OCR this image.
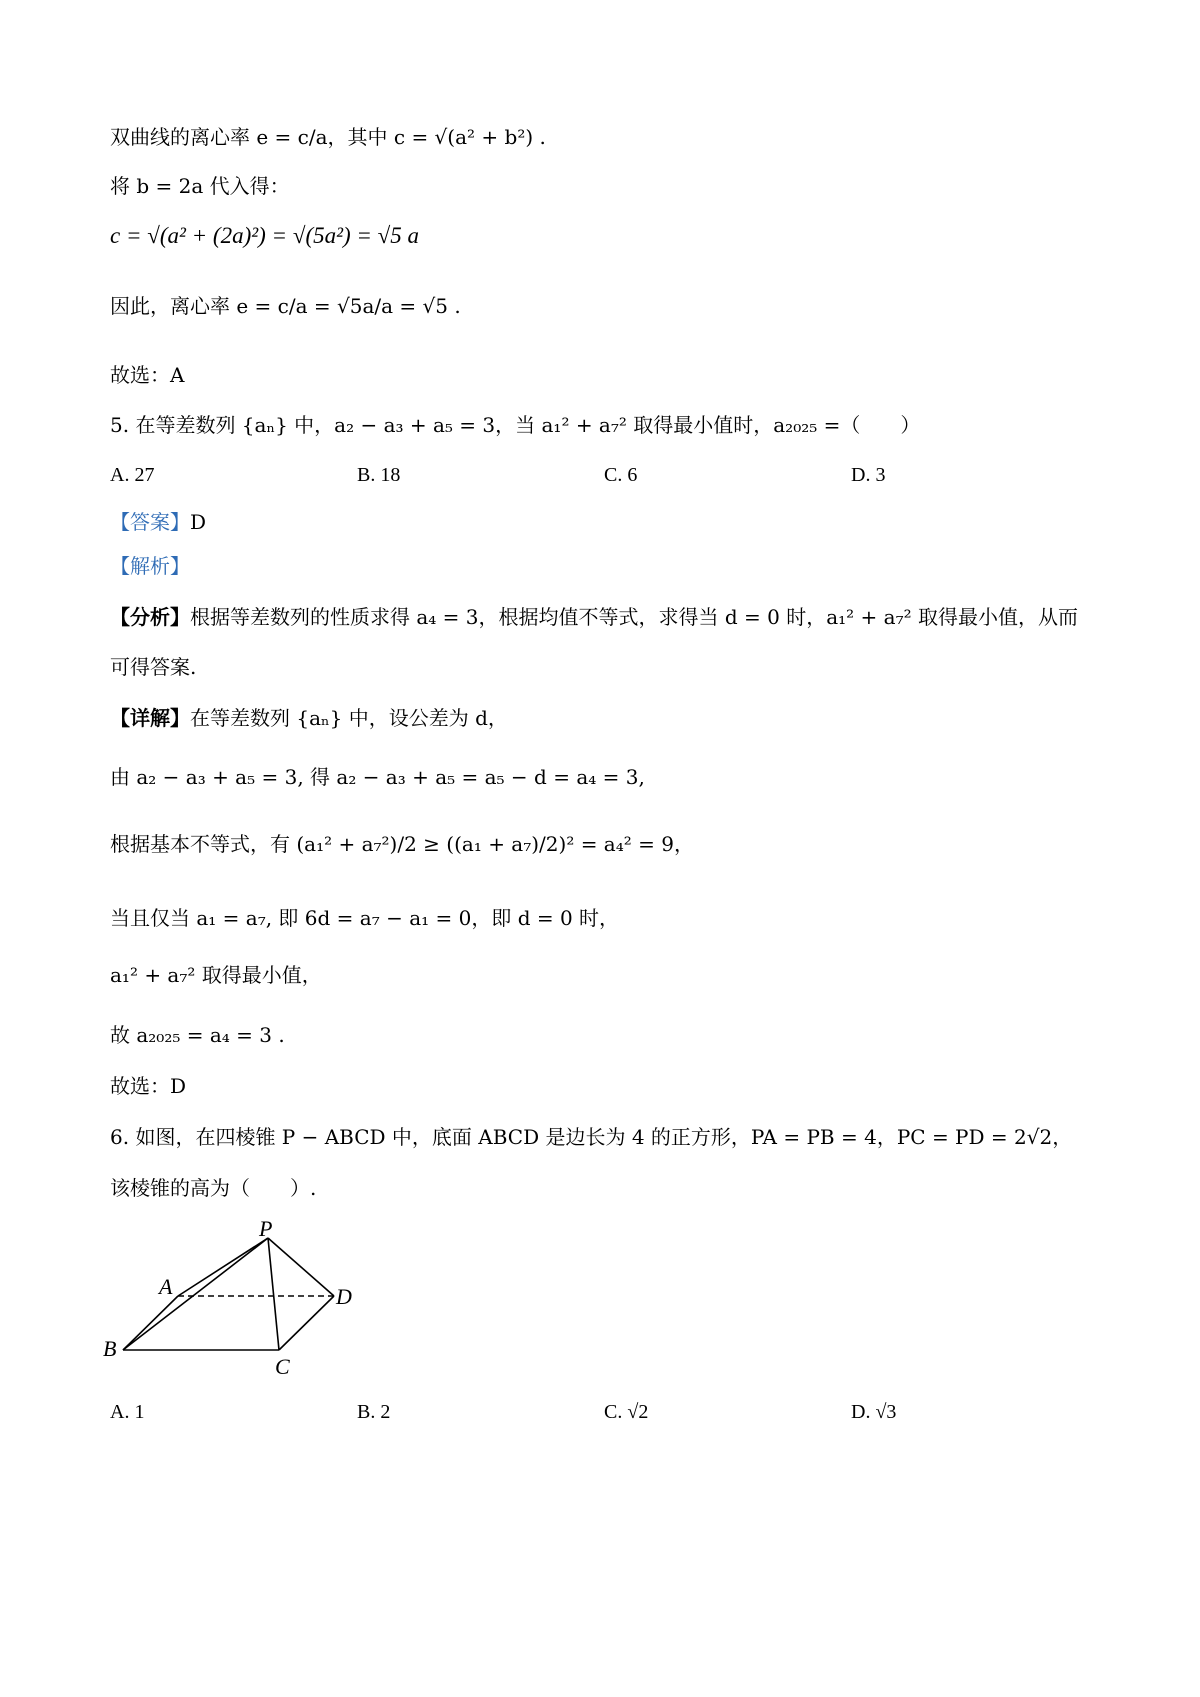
双曲线的离心率 e = c/a，其中 c = √(a² + b²) .
将 b = 2a 代入得：
c = √(a² + (2a)²) = √(5a²) = √5 a
因此，离心率 e = c/a = √5a/a = √5 .
故选：A
5. 在等差数列 {aₙ} 中，a₂ − a₃ + a₅ = 3，当 a₁² + a₇² 取得最小值时，a₂₀₂₅ =（　　）
A. 27	B. 18	C. 6	D. 3
【答案】D
【解析】
【分析】根据等差数列的性质求得 a₄ = 3，根据均值不等式，求得当 d = 0 时，a₁² + a₇² 取得最小值，从而
可得答案.
【详解】在等差数列 {aₙ} 中，设公差为 d，
由 a₂ − a₃ + a₅ = 3, 得 a₂ − a₃ + a₅ = a₅ − d = a₄ = 3,
根据基本不等式，有 (a₁² + a₇²)/2 ≥ ((a₁ + a₇)/2)² = a₄² = 9，
当且仅当 a₁ = a₇, 即 6d = a₇ − a₁ = 0，即 d = 0 时，
a₁² + a₇² 取得最小值，
故 a₂₀₂₅ = a₄ = 3 .
故选：D
6. 如图，在四棱锥 P − ABCD 中，底面 ABCD 是边长为 4 的正方形，PA = PB = 4，PC = PD = 2√2，
该棱锥的高为（　　）.
P
A
B
C
D
A. 1	B. 2	C. √2	D. √3
